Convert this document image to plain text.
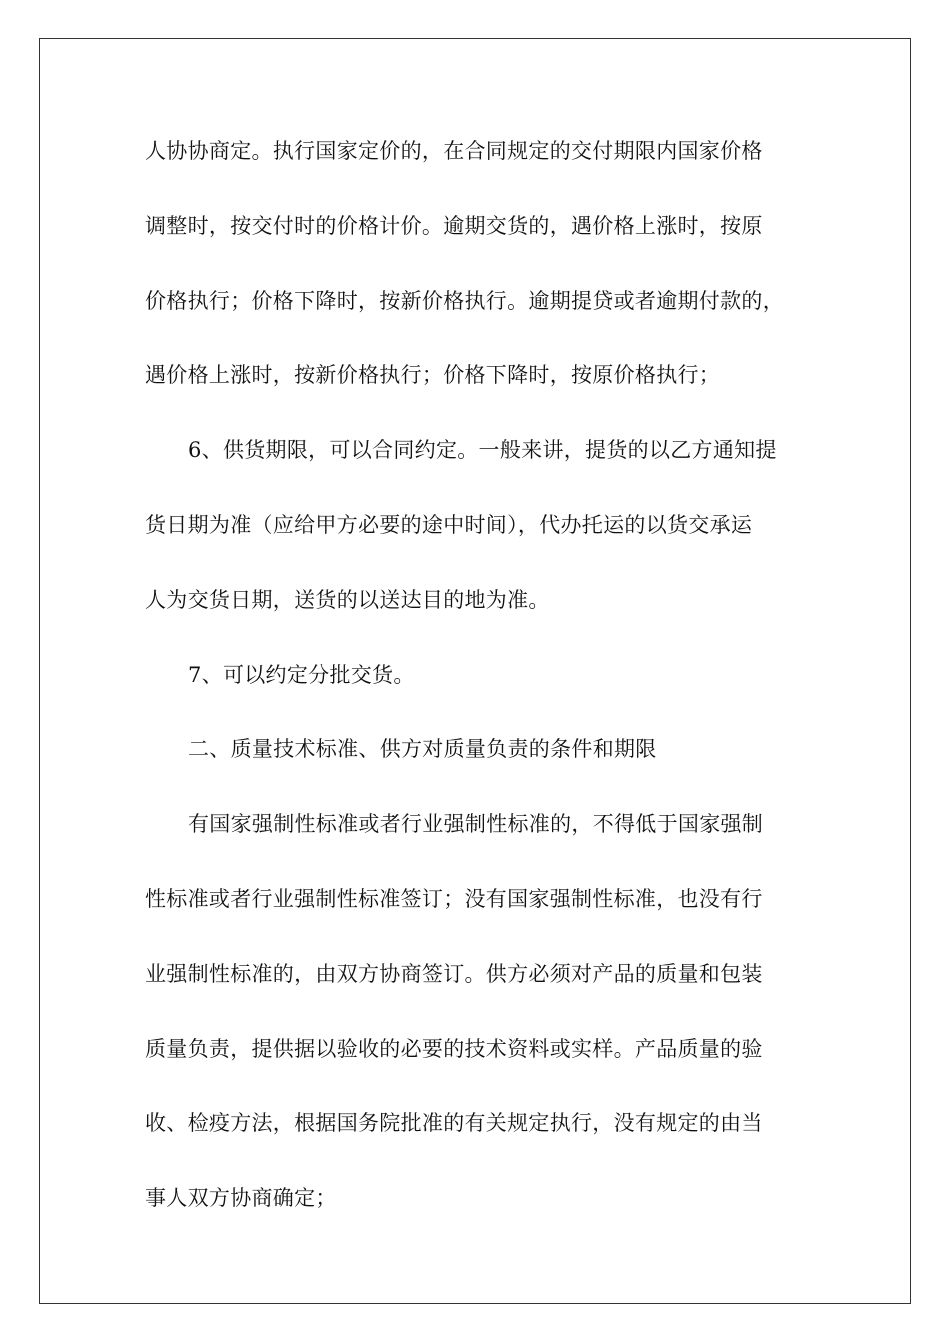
人协协商定。执行国家定价的，在合同规定的交付期限内国家价格
调整时，按交付时的价格计价。逾期交货的，遇价格上涨时，按原
价格执行；价格下降时，按新价格执行。逾期提贷或者逾期付款的，
遇价格上涨时，按新价格执行；价格下降时，按原价格执行；
6、供货期限，可以合同约定。一般来讲，提货的以乙方通知提
货日期为准（应给甲方必要的途中时间），代办托运的以货交承运
人为交货日期，送货的以送达目的地为准。
7、可以约定分批交货。
二、质量技术标准、供方对质量负责的条件和期限
有国家强制性标准或者行业强制性标准的，不得低于国家强制
性标准或者行业强制性标准签订；没有国家强制性标准，也没有行
业强制性标准的，由双方协商签订。供方必须对产品的质量和包装
质量负责，提供据以验收的必要的技术资料或实样。产品质量的验
收、检疫方法，根据国务院批准的有关规定执行，没有规定的由当
事人双方协商确定；
